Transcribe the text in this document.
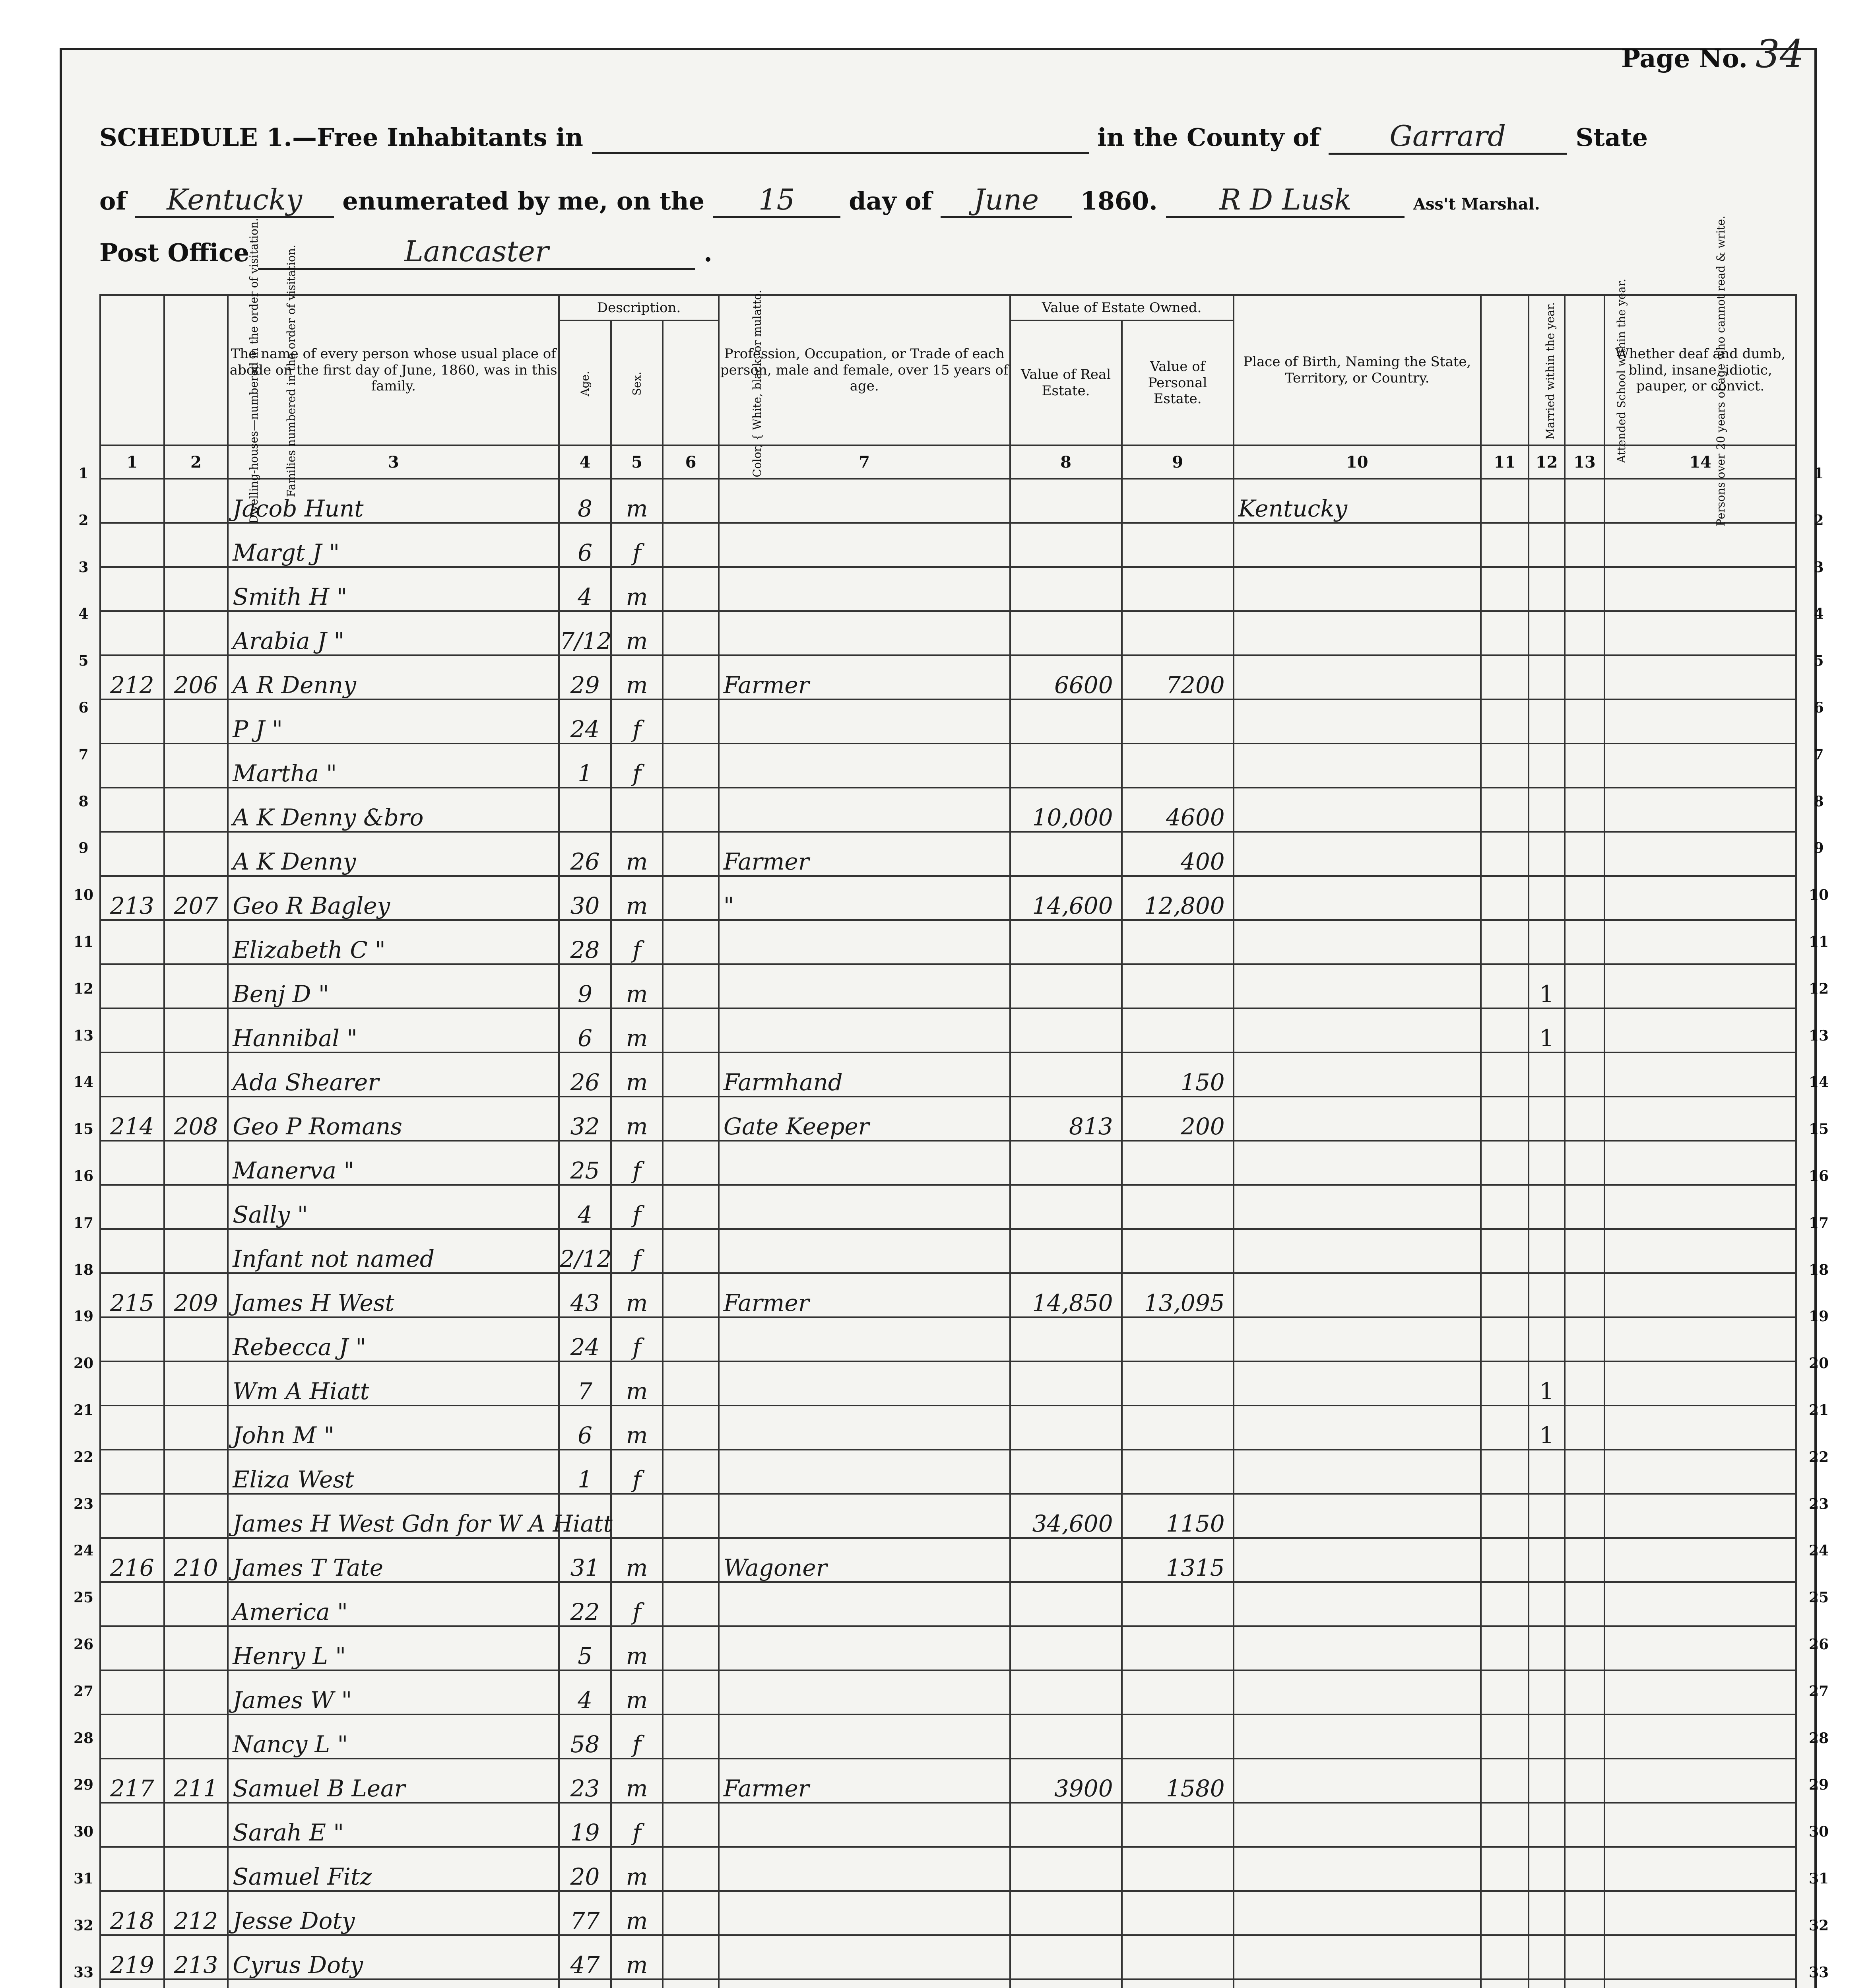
Page No. 34
SCHEDULE 1.—Free Inhabitants in	in the County of Garrard	State
of Kentucky enumerated by me, on the 15 day of June 1860. R D Lusk	Ass't Marshal.
Post Office	Lancaster	.
Dwelling-houses—numbered in the order of visitation.	Families numbered in the order of visitation.	The name of every person whose usual place of abode on the first day of June, 1860, was in this family.	Description.			Profession, Occupation, or Trade of each person, male and female, over 15 years of age.	Value of Estate Owned.		Place of Birth, Naming the State, Territory, or Country.	Married within the year.	Attended School within the year.	Persons over 20 years of age who cannot read & write.	Whether deaf and dumb, blind, insane, idiotic, pauper, or convict.
			Age.	Sex.	Color, { White, black, or mulatto.		Value of Real Estate.	Value of Personal Estate.					
1	2	3	4	5	6	7	8	9	10	11	12	13	14
		Jacob Hunt	8	m					Kentucky				
		Margt J "	6	f									
		Smith H "	4	m									
		Arabia J "	7/12	m									
212	206	A R Denny	29	m		Farmer	6600	7200					
		P J "	24	f									
		Martha "	1	f									
		A K Denny &bro					10,000	4600					
		A K Denny	26	m		Farmer		400					
213	207	Geo R Bagley	30	m		"	14,600	12,800					
		Elizabeth C "	28	f									
		Benj D "	9	m							1		
		Hannibal "	6	m							1		
		Ada Shearer	26	m		Farmhand		150					
214	208	Geo P Romans	32	m		Gate Keeper	813	200					
		Manerva "	25	f									
		Sally "	4	f									
		Infant not named	2/12	f									
215	209	James H West	43	m		Farmer	14,850	13,095					
		Rebecca J "	24	f									
		Wm A Hiatt	7	m							1		
		John M "	6	m							1		
		Eliza West	1	f									
		James H West Gdn for W A Hiatt					34,600	1150					
216	210	James T Tate	31	m		Wagoner		1315					
		America "	22	f									
		Henry L "	5	m									
		James W "	4	m									
		Nancy L "	58	f									
217	211	Samuel B Lear	23	m		Farmer	3900	1580					
		Sarah E "	19	f									
		Samuel Fitz	20	m									
218	212	Jesse Doty	77	m									
219	213	Cyrus Doty	47	m									

1	1
2	2
3	3
4	4
5	5
6	6
7	7
8	8
9	9
10	10
11	11
12	12
13	13
14	14
15	15
16	16
17	17
18	18
19	19
20	20
21	21
22	22
23	23
24	24
25	25
26	26
27	27
28	28
29	29
30	30
31	31
32	32
33	33
